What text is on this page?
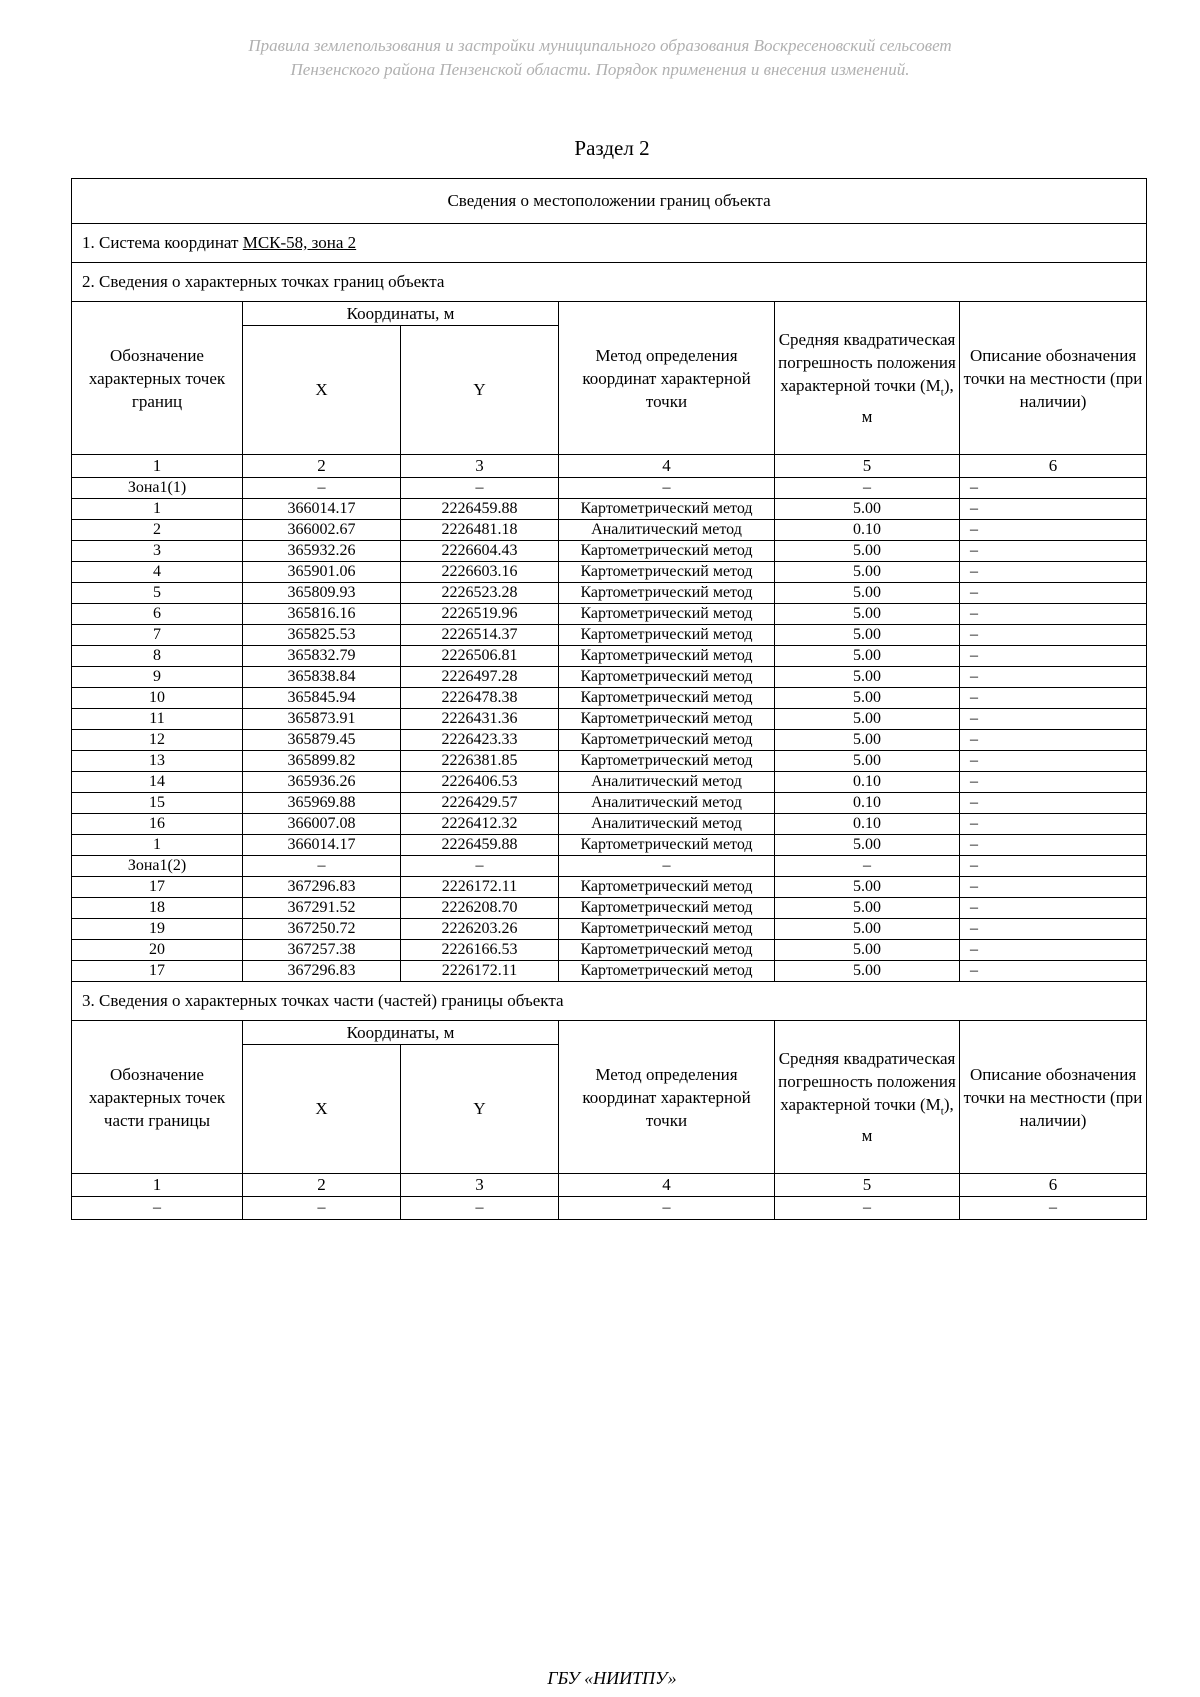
Правила землепользования и застройки муниципального образования Воскресеновский сельсовет
Пензенского района Пензенской области. Порядок применения и внесения изменений.
Раздел 2
Сведения о местоположении границ объекта					
1. Система координат МСК-58, зона 2					
2. Сведения о характерных точках границ объекта					
Обозначение характерных точек границ	Координаты, м		Метод определения координат характерной точки	Средняя квадратическая погрешность положения характерной точки $(M_t)$, м	Описание обозначения точки на местности (при наличии)
	X	Y			
1	2	3	4	5	6
Зона1(1)	–	–	–	–	–
1	366014.17	2226459.88	Картометрический метод	5.00	–
2	366002.67	2226481.18	Аналитический метод	0.10	–
3	365932.26	2226604.43	Картометрический метод	5.00	–
4	365901.06	2226603.16	Картометрический метод	5.00	–
5	365809.93	2226523.28	Картометрический метод	5.00	–
6	365816.16	2226519.96	Картометрический метод	5.00	–
7	365825.53	2226514.37	Картометрический метод	5.00	–
8	365832.79	2226506.81	Картометрический метод	5.00	–
9	365838.84	2226497.28	Картометрический метод	5.00	–
10	365845.94	2226478.38	Картометрический метод	5.00	–
11	365873.91	2226431.36	Картометрический метод	5.00	–
12	365879.45	2226423.33	Картометрический метод	5.00	–
13	365899.82	2226381.85	Картометрический метод	5.00	–
14	365936.26	2226406.53	Аналитический метод	0.10	–
15	365969.88	2226429.57	Аналитический метод	0.10	–
16	366007.08	2226412.32	Аналитический метод	0.10	–
1	366014.17	2226459.88	Картометрический метод	5.00	–
Зона1(2)	–	–	–	–	–
17	367296.83	2226172.11	Картометрический метод	5.00	–
18	367291.52	2226208.70	Картометрический метод	5.00	–
19	367250.72	2226203.26	Картометрический метод	5.00	–
20	367257.38	2226166.53	Картометрический метод	5.00	–
17	367296.83	2226172.11	Картометрический метод	5.00	–
3. Сведения о характерных точках части (частей) границы объекта					
Обозначение характерных точек части границы	Координаты, м		Метод определения координат характерной точки	Средняя квадратическая погрешность положения характерной точки $(M_t)$, м	Описание обозначения точки на местности (при наличии)
	X	Y			
1	2	3	4	5	6
–	–	–	–	–	–
ГБУ «НИИТПУ»
